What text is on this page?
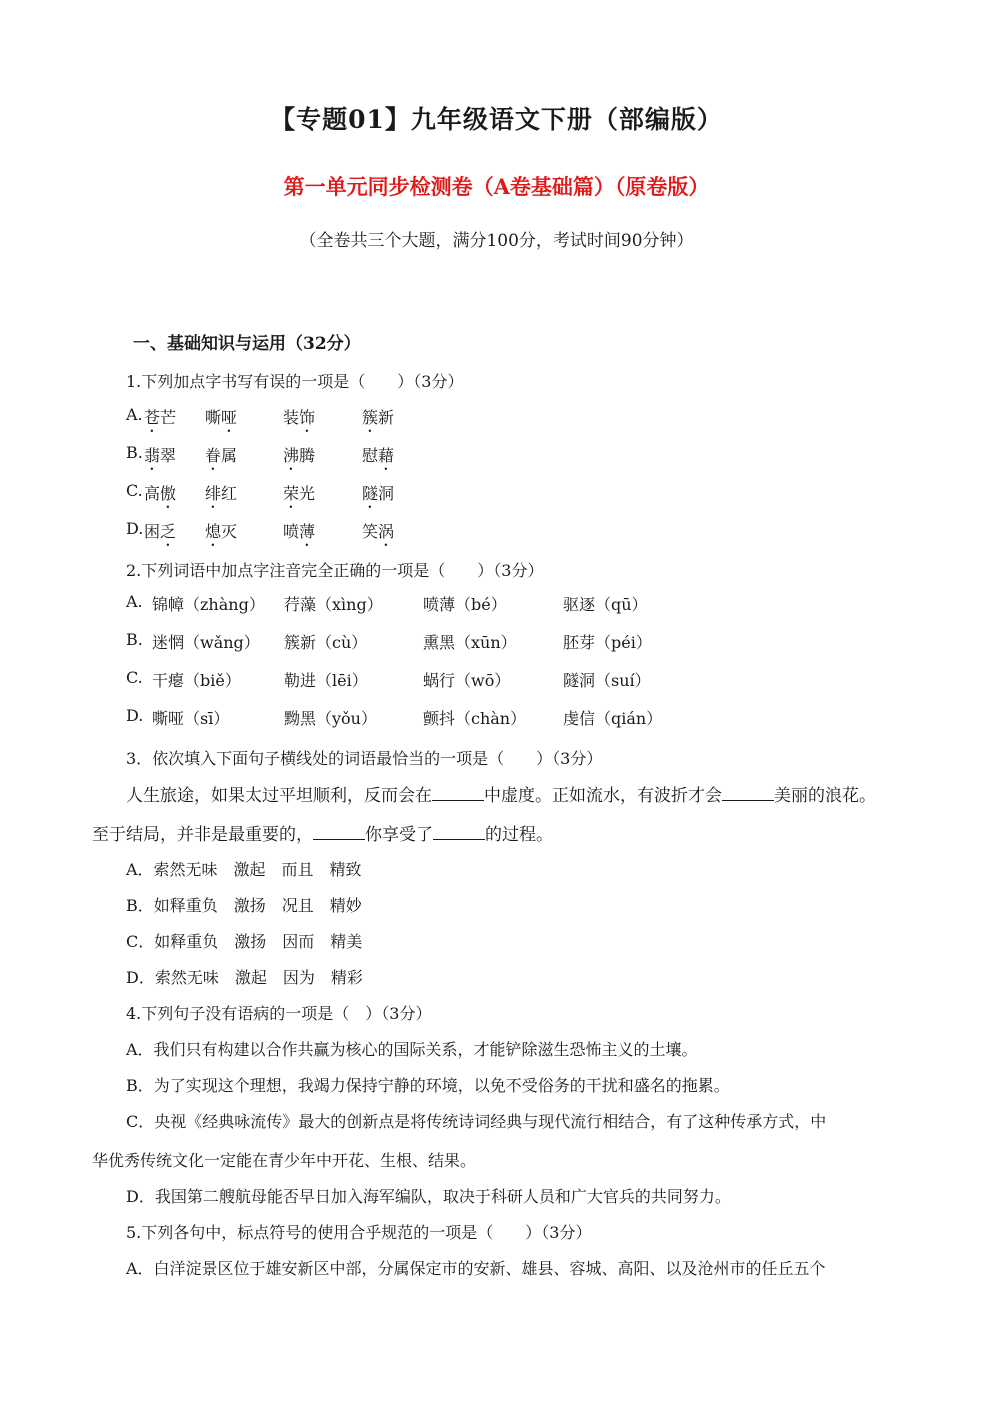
【专题01】九年级语文下册（部编版）
第一单元同步检测卷（A卷基础篇）（原卷版）
（全卷共三个大题，满分100分，考试时间90分钟）
一、基础知识与运用（32分）
1.下列加点字书写有误的一项是（　　）（3分）
A. 苍芒 嘶哑	装饰	簇新
B. 翡翠 眷属	沸腾	慰藉
C. 高傲 绯红	荣光	隧洞
D. 困乏 熄灭	喷薄	笑涡
2.下列词语中加点字注音完全正确的一项是（　　）（3分）
A. 锦幛（zhàng） 荇藻（xìng）	喷薄（bé）	驱逐（qū）
B. 迷惘（wǎng） 簇新（cù）	熏黑（xūn）	胚芽（péi）
C. 干瘪（biě）	勒进（lēi）	蜗行（wō）	隧洞（suí）
D. 嘶哑（sī）	黝黑（yǒu）	颤抖（chàn） 虔信（qián）
3．依次填入下面句子横线处的词语最恰当的一项是（　　）（3分）
人生旅途，如果太过平坦顺利，反而会在	中虚度。正如流水，有波折才会	美丽的浪花。
至于结局，并非是最重要的，	你享受了	的过程。
A．索然无味　激起　而且　精致
B．如释重负　激扬　况且　精妙
C．如释重负　激扬　因而　精美
D．索然无味　激起　因为　精彩
4.下列句子没有语病的一项是（　）（3分）
A．我们只有构建以合作共赢为核心的国际关系，才能铲除滋生恐怖主义的土壤。
B．为了实现这个理想，我竭力保持宁静的环境，以免不受俗务的干扰和盛名的拖累。
C．央视《经典咏流传》最大的创新点是将传统诗词经典与现代流行相结合，有了这种传承方式，中
华优秀传统文化一定能在青少年中开花、生根、结果。
D．我国第二艘航母能否早日加入海军编队，取决于科研人员和广大官兵的共同努力。
5.下列各句中，标点符号的使用合乎规范的一项是（　　）（3分）
A．白洋淀景区位于雄安新区中部，分属保定市的安新、雄县、容城、高阳、以及沧州市的任丘五个
